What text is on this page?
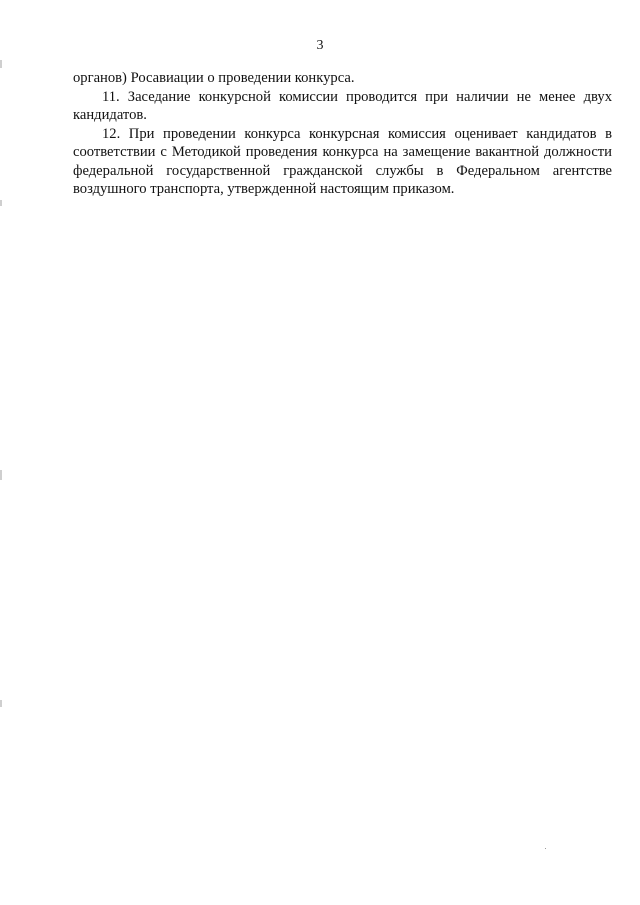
3

органов) Росавиации о проведении конкурса.

11. Заседание конкурсной комиссии проводится при наличии не менее двух кандидатов.

12. При проведении конкурса конкурсная комиссия оценивает кандидатов в соответствии с Методикой проведения конкурса на замещение вакантной должности федеральной государственной гражданской службы в Федеральном агентстве воздушного транспорта, утвержденной настоящим приказом.
